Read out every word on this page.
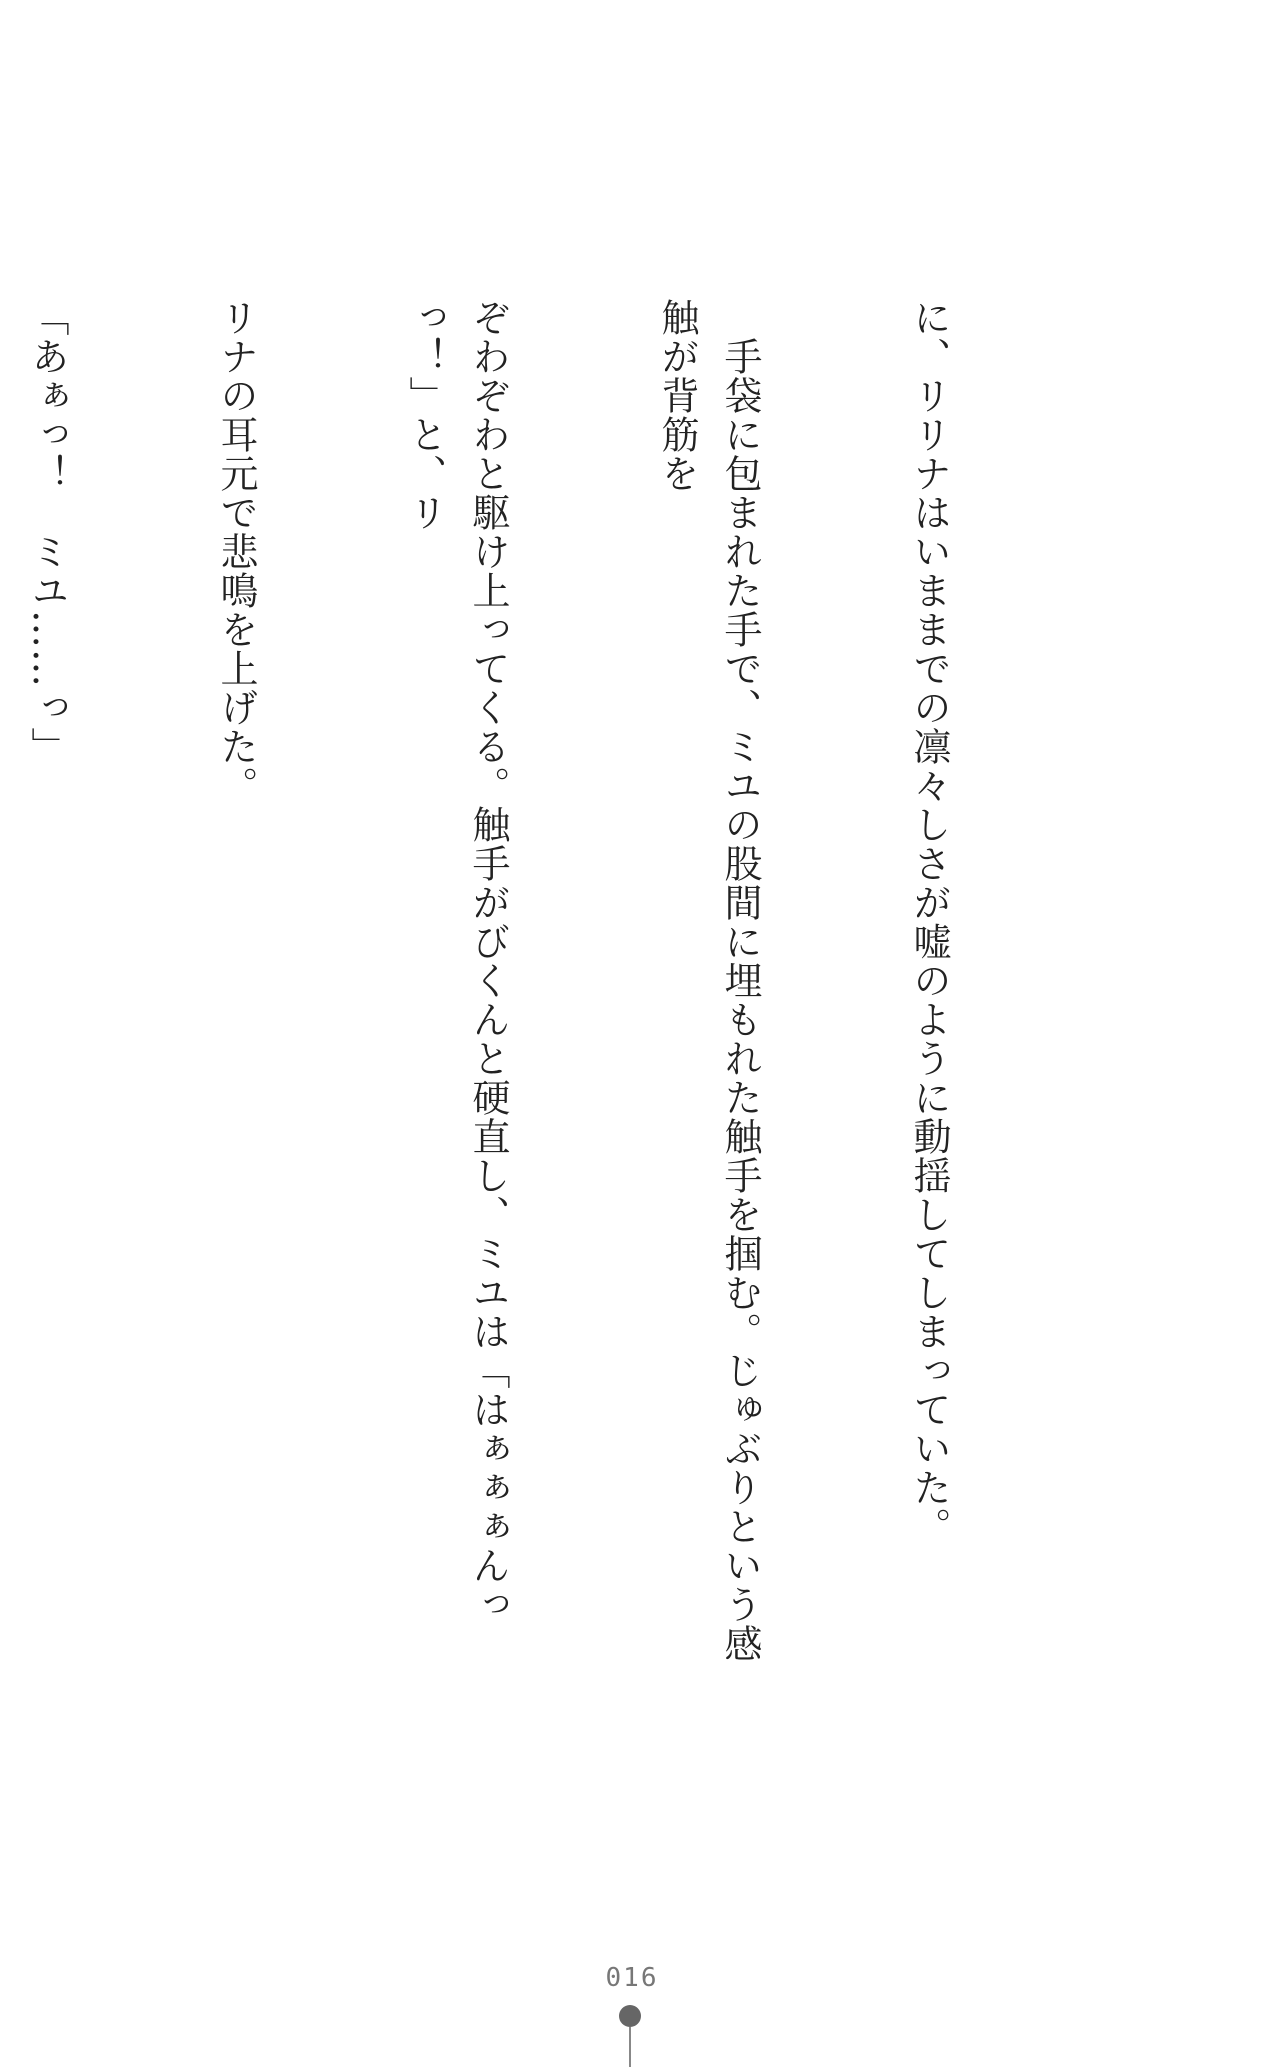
に、リリナはいままでの凛々しさが嘘のように動揺してしまっていた。

　手袋に包まれた手で、ミユの股間に埋もれた触手を掴む。じゅぶりという感触が背筋を

ぞわぞわと駆け上ってくる。触手がびくんと硬直し、ミユは「はぁぁぁんっっ！」と、リ

リナの耳元で悲鳴を上げた。

「あぁっ！　ミユ……っ」

016
